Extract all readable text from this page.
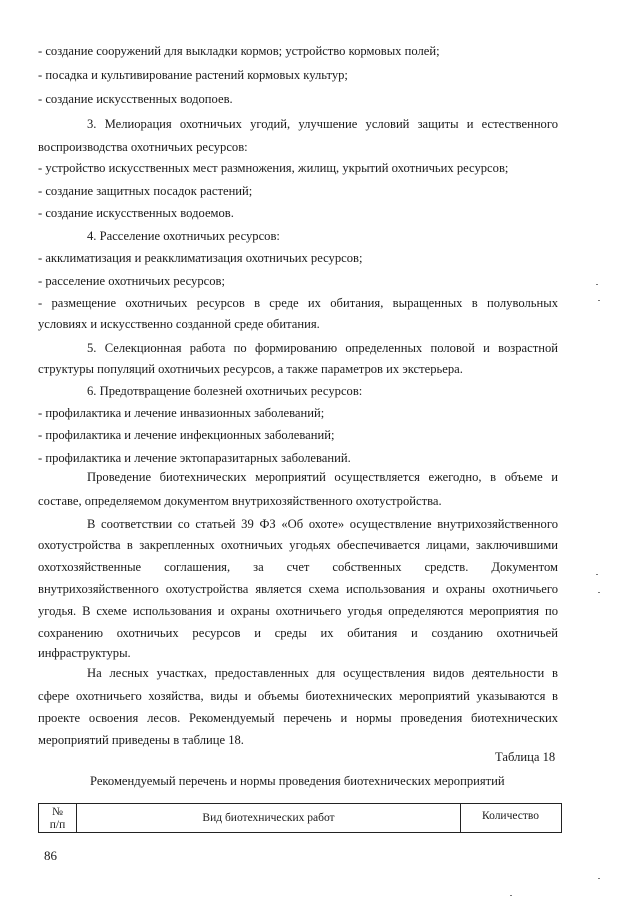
- создание сооружений для выкладки кормов; устройство кормовых полей;
- посадка и культивирование растений кормовых культур;
- создание искусственных водопоев.
3. Мелиорация охотничьих угодий, улучшение условий защиты и естественного
воспроизводства охотничьих ресурсов:
- устройство искусственных мест размножения, жилищ, укрытий охотничьих ресурсов;
- создание защитных посадок растений;
- создание искусственных водоемов.
4. Расселение охотничьих ресурсов:
- акклиматизация и реакклиматизация охотничьих ресурсов;
- расселение охотничьих ресурсов;
- размещение охотничьих ресурсов в среде их обитания, выращенных в полувольных
условиях и искусственно созданной среде обитания.
5. Селекционная работа по формированию определенных половой и возрастной
структуры популяций охотничьих ресурсов, а также параметров их экстерьера.
6. Предотвращение болезней охотничьих ресурсов:
- профилактика и лечение инвазионных заболеваний;
- профилактика и лечение инфекционных заболеваний;
- профилактика и лечение эктопаразитарных заболеваний.
Проведение биотехнических мероприятий осуществляется ежегодно, в объеме и
составе, определяемом документом внутрихозяйственного охотустройства.
В соответствии со статьей 39 ФЗ «Об охоте» осуществление внутрихозяйственного
охотустройства в закрепленных охотничьих угодьях обеспечивается лицами, заключившими
охотхозяйственные соглашения, за счет собственных средств. Документом
внутрихозяйственного охотустройства является схема использования и охраны охотничьего
угодья. В схеме использования и охраны охотничьего угодья определяются мероприятия по
сохранению охотничьих ресурсов и среды их обитания и созданию охотничьей
инфраструктуры.
На лесных участках, предоставленных для осуществления видов деятельности в
сфере охотничьего хозяйства, виды и объемы биотехнических мероприятий указываются в
проекте освоения лесов. Рекомендуемый перечень и нормы проведения биотехнических
мероприятий приведены в таблице 18.
Таблица 18
Рекомендуемый перечень и нормы проведения биотехнических мероприятий
№
п/п
Вид биотехнических работ	Количество
86
